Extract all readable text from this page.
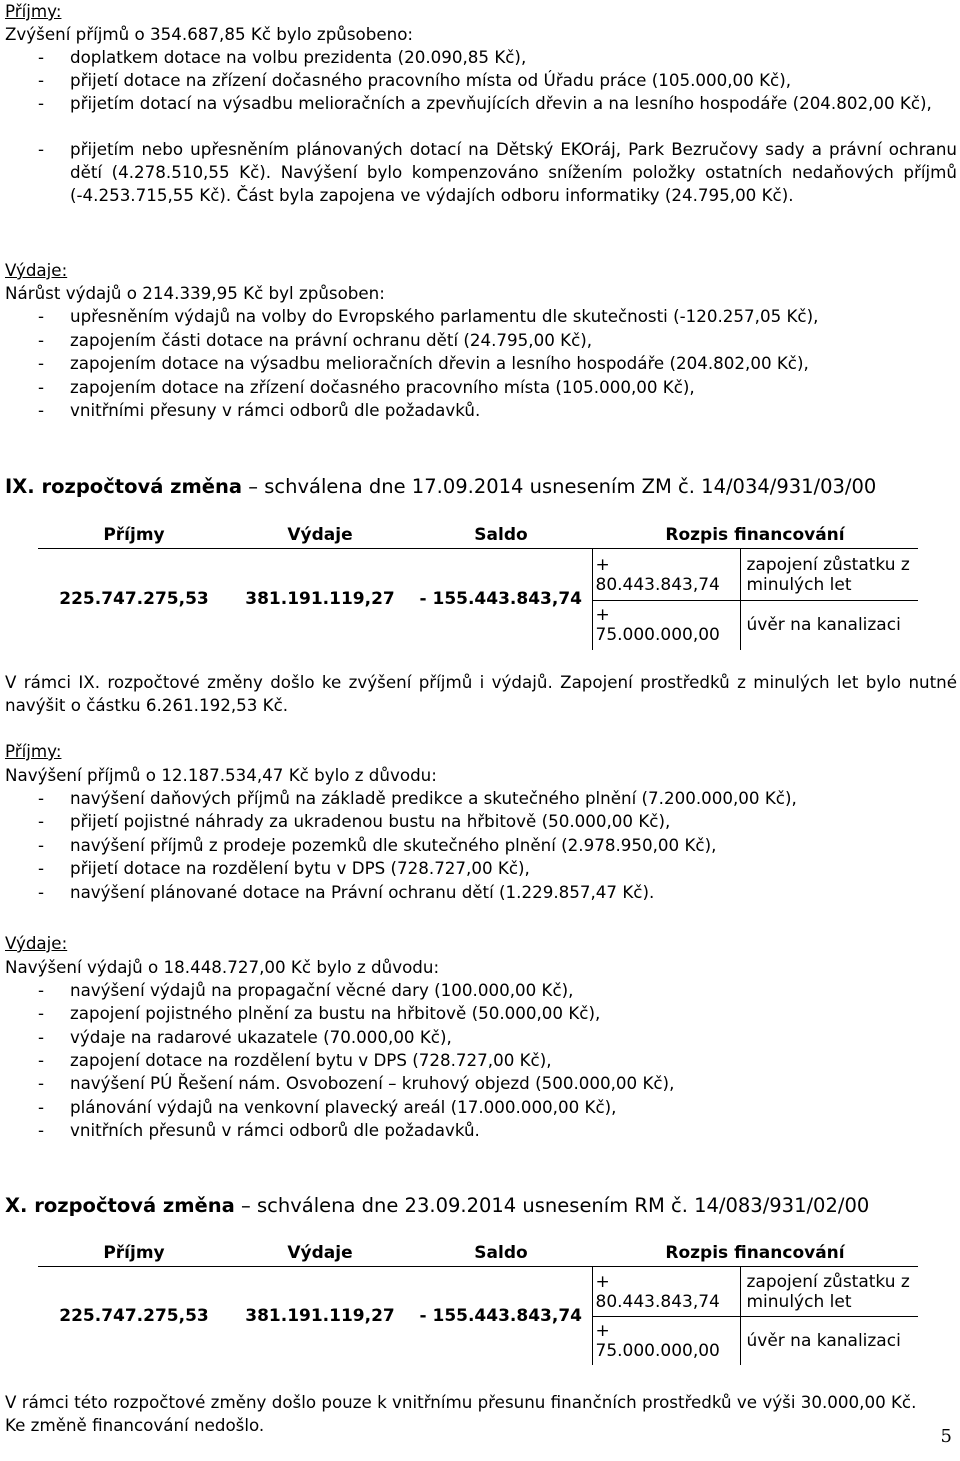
Příjmy:
Zvýšení příjmů o 354.687,85 Kč bylo způsobeno:
- doplatkem dotace na volbu prezidenta (20.090,85 Kč),
- přijetí dotace na zřízení dočasného pracovního místa od Úřadu práce (105.000,00 Kč),
- přijetím dotací na výsadbu melioračních a zpevňujících dřevin a na lesního hospodáře (204.802,00 Kč),
- přijetím nebo upřesněním plánovaných dotací na Dětský EKOráj, Park Bezručovy sady a právní ochranu dětí (4.278.510,55 Kč). Navýšení bylo kompenzováno snížením položky ostatních nedaňových příjmů (-4.253.715,55 Kč). Část byla zapojena ve výdajích odboru informatiky (24.795,00 Kč).
Výdaje:
Nárůst výdajů o 214.339,95 Kč byl způsoben:
- upřesněním výdajů na volby do Evropského parlamentu dle skutečnosti (-120.257,05 Kč),
- zapojením části dotace na právní ochranu dětí (24.795,00 Kč),
- zapojením dotace na výsadbu melioračních dřevin a lesního hospodáře (204.802,00 Kč),
- zapojením dotace na zřízení dočasného pracovního místa (105.000,00 Kč),
- vnitřními přesuny v rámci odborů dle požadavků.
IX. rozpočtová změna – schválena dne 17.09.2014 usnesením ZM č. 14/034/931/03/00
Příjmy	Výdaje	Saldo	Rozpis financování	
225.747.275,53	381.191.119,27	- 155.443.843,74	+ 80.443.843,74	zapojení zůstatku z minulých let
			+ 75.000.000,00	úvěr na kanalizaci
V rámci IX. rozpočtové změny došlo ke zvýšení příjmů i výdajů. Zapojení prostředků z minulých let bylo nutné navýšit o částku 6.261.192,53 Kč.
Příjmy:
Navýšení příjmů o 12.187.534,47 Kč bylo z důvodu:
- navýšení daňových příjmů na základě predikce a skutečného plnění (7.200.000,00 Kč),
- přijetí pojistné náhrady za ukradenou bustu na hřbitově (50.000,00 Kč),
- navýšení příjmů z prodeje pozemků dle skutečného plnění (2.978.950,00 Kč),
- přijetí dotace na rozdělení bytu v DPS (728.727,00 Kč),
- navýšení plánované dotace na Právní ochranu dětí (1.229.857,47 Kč).
Výdaje:
Navýšení výdajů o 18.448.727,00 Kč bylo z důvodu:
- navýšení výdajů na propagační věcné dary (100.000,00 Kč),
- zapojení pojistného plnění za bustu na hřbitově (50.000,00 Kč),
- výdaje na radarové ukazatele (70.000,00 Kč),
- zapojení dotace na rozdělení bytu v DPS (728.727,00 Kč),
- navýšení PÚ Řešení nám. Osvobození – kruhový objezd (500.000,00 Kč),
- plánování výdajů na venkovní plavecký areál (17.000.000,00 Kč),
- vnitřních přesunů v rámci odborů dle požadavků.
X. rozpočtová změna – schválena dne 23.09.2014 usnesením RM č. 14/083/931/02/00
Příjmy	Výdaje	Saldo	Rozpis financování	
225.747.275,53	381.191.119,27	- 155.443.843,74	+ 80.443.843,74	zapojení zůstatku z minulých let
			+ 75.000.000,00	úvěr na kanalizaci
V rámci této rozpočtové změny došlo pouze k vnitřnímu přesunu finančních prostředků ve výši 30.000,00 Kč.
Ke změně financování nedošlo.
5
